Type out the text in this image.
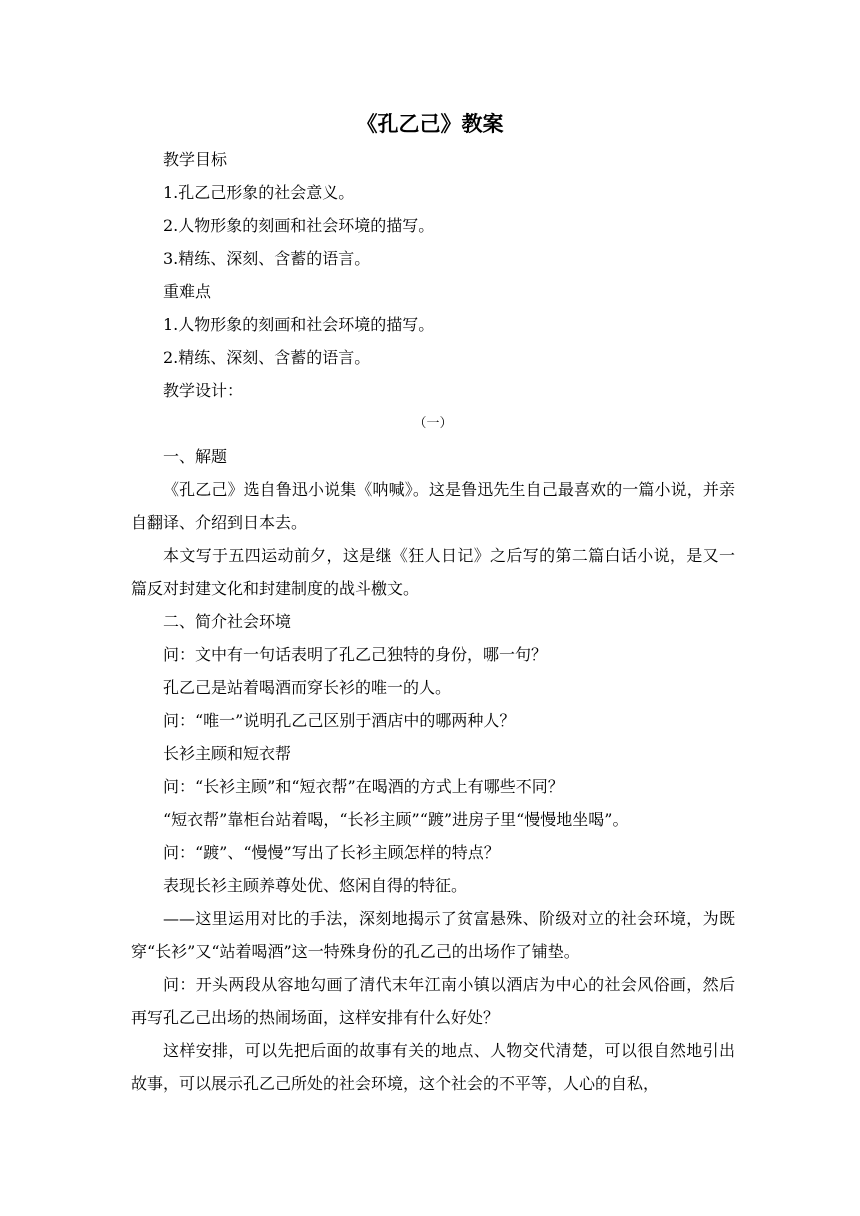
《孔乙己》教案

教学目标

1.孔乙己形象的社会意义。

2.人物形象的刻画和社会环境的描写。

3.精练、深刻、含蓄的语言。

重难点

1.人物形象的刻画和社会环境的描写。

2.精练、深刻、含蓄的语言。

教学设计：

（一）

一、解题

《孔乙己》选自鲁迅小说集《呐喊》。这是鲁迅先生自己最喜欢的一篇小说，并亲自翻译、介绍到日本去。

本文写于五四运动前夕，这是继《狂人日记》之后写的第二篇白话小说，是又一篇反对封建文化和封建制度的战斗檄文。

二、简介社会环境

问：文中有一句话表明了孔乙己独特的身份，哪一句？

孔乙己是站着喝酒而穿长衫的唯一的人。

问：“唯一”说明孔乙己区别于酒店中的哪两种人？

长衫主顾和短衣帮

问：“长衫主顾”和“短衣帮”在喝酒的方式上有哪些不同？

“短衣帮”靠柜台站着喝，“长衫主顾”“踱”进房子里“慢慢地坐喝”。

问：“踱”、“慢慢”写出了长衫主顾怎样的特点？

表现长衫主顾养尊处优、悠闲自得的特征。

——这里运用对比的手法，深刻地揭示了贫富悬殊、阶级对立的社会环境，为既穿“长衫”又“站着喝酒”这一特殊身份的孔乙己的出场作了铺垫。

问：开头两段从容地勾画了清代末年江南小镇以酒店为中心的社会风俗画，然后再写孔乙己出场的热闹场面，这样安排有什么好处？

这样安排，可以先把后面的故事有关的地点、人物交代清楚，可以很自然地引出故事，可以展示孔乙己所处的社会环境，这个社会的不平等，人心的自私，
